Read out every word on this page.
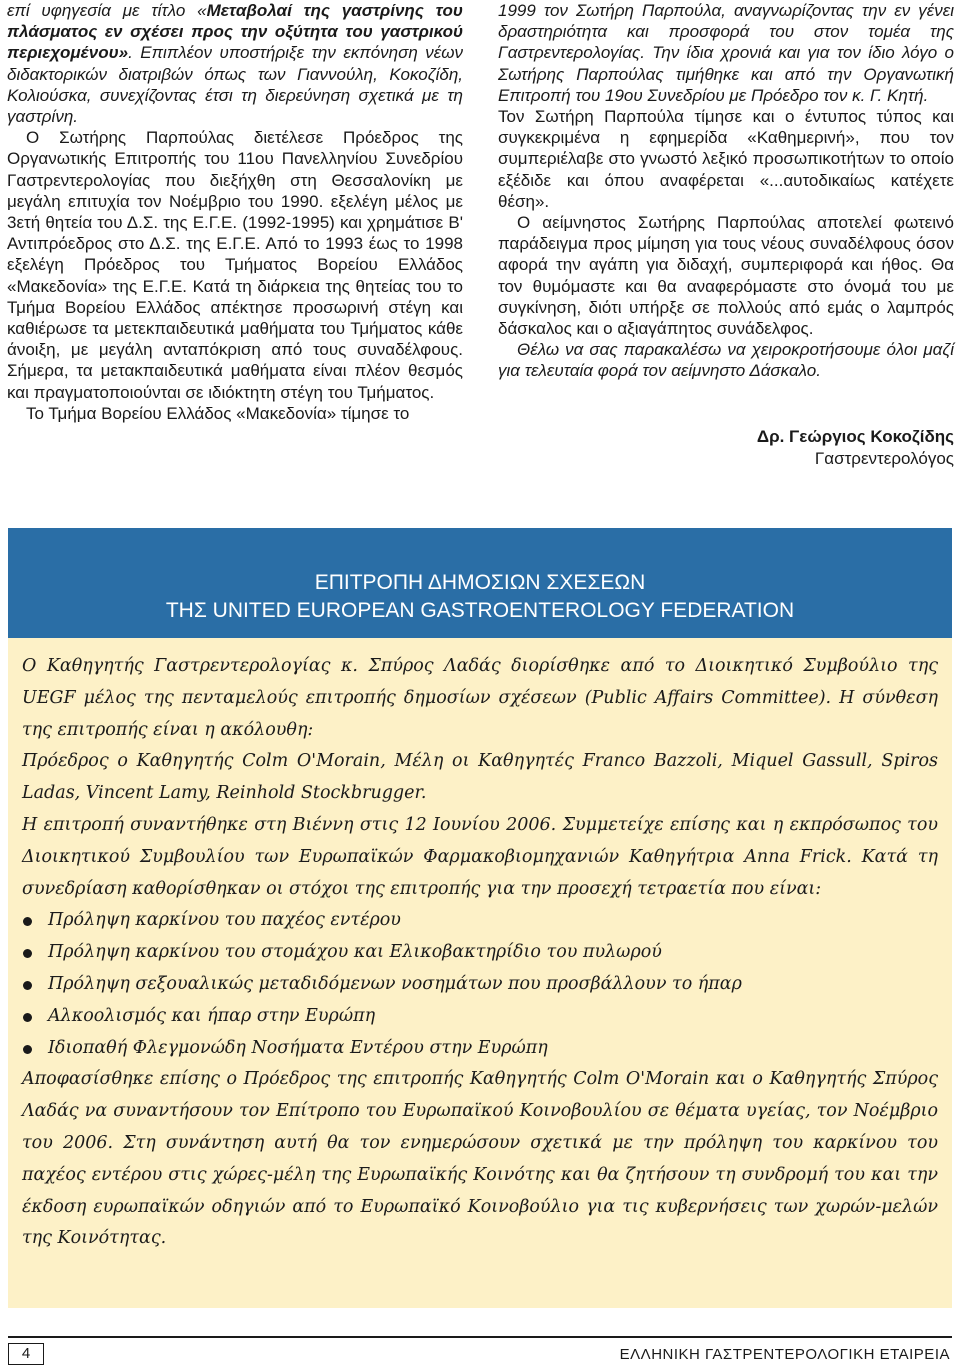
επί υφηγεσία με τίτλο «Μεταβολαί της γαστρίνης του πλάσματος εν σχέσει προς την οξύτητα του γαστρικού περιεχομένου». Επιπλέον υποστήριξε την εκπόνηση νέων διδακτορικών διατριβών όπως των Γιαννούλη, Κοκοζίδη, Κολιούσκα, συνεχίζοντας έτσι τη διερεύνηση σχετικά με τη γαστρίνη.

Ο Σωτήρης Παρπούλας διετέλεσε Πρόεδρος της Οργανωτικής Επιτροπής του 11ου Πανελληνίου Συνεδρίου Γαστρεντερολογίας που διεξήχθη στη Θεσσαλονίκη με μεγάλη επιτυχία τον Νοέμβριο του 1990. εξελέγη μέλος με 3ετή θητεία του Δ.Σ. της Ε.Γ.Ε. (1992-1995) και χρημάτισε Β' Αντιπρόεδρος στο Δ.Σ. της Ε.Γ.Ε. Από το 1993 έως το 1998 εξελέγη Πρόεδρος του Τμήματος Βορείου Ελλάδος «Μακεδονία» της Ε.Γ.Ε. Κατά τη διάρκεια της θητείας του το Τμήμα Βορείου Ελλάδος απέκτησε προσωρινή στέγη και καθιέρωσε τα μετεκπαιδευτικά μαθήματα του Τμήματος κάθε άνοιξη, με μεγάλη ανταπόκριση από τους συναδέλφους. Σήμερα, τα μετακπαιδευτικά μαθήματα είναι πλέον θεσμός και πραγματοποιούνται σε ιδιόκτητη στέγη του Τμήματος.

Το Τμήμα Βορείου Ελλάδος «Μακεδονία» τίμησε το

1999 τον Σωτήρη Παρπούλα, αναγνωρίζοντας την εν γένει δραστηριότητα και προσφορά του στον τομέα της Γαστρεντερολογίας. Την ίδια χρονιά και για τον ίδιο λόγο ο Σωτήρης Παρπούλας τιμήθηκε και από την Οργανωτική Επιτροπή του 19ου Συνεδρίου με Πρόεδρο τον κ. Γ. Κητή.

Τον Σωτήρη Παρπούλα τίμησε και ο έντυπος τύπος και συγκεκριμένα η εφημερίδα «Καθημερινή», που τον συμπεριέλαβε στο γνωστό λεξικό προσωπικοτήτων το οποίο εξέδιδε και όπου αναφέρεται «...αυτοδικαίως κατέχετε θέση».

Ο αείμνηστος Σωτήρης Παρπούλας αποτελεί φωτεινό παράδειγμα προς μίμηση για τους νέους συναδέλφους όσον αφορά την αγάπη για διδαχή, συμπεριφορά και ήθος. Θα τον θυμόμαστε και θα αναφερόμαστε στο όνομά του με συγκίνηση, διότι υπήρξε σε πολλούς από εμάς ο λαμπρός δάσκαλος και ο αξιαγάπητος συνάδελφος.

Θέλω να σας παρακαλέσω να χειροκροτήσουμε όλοι μαζί για τελευταία φορά τον αείμνηστο Δάσκαλο.

Δρ. Γεώργιος Κοκοζίδης
Γαστρεντερολόγος
ΕΠΙΤΡΟΠΗ ΔΗΜΟΣΙΩΝ ΣΧΕΣΕΩΝ
ΤΗΣ UNITED EUROPEAN GASTROENTEROLOGY FEDERATION

Ο Καθηγητής Γαστρεντερολογίας κ. Σπύρος Λαδάς διορίσθηκε από το Διοικητικό Συμβούλιο της UEGF μέλος της πενταμελούς επιτροπής δημοσίων σχέσεων (Public Affairs Committee). Η σύνθεση της επιτροπής είναι η ακόλουθη:

Πρόεδρος ο Καθηγητής Colm O'Morain, Μέλη οι Καθηγητές Franco Bazzoli, Miquel Gassull, Spiros Ladas, Vincent Lamy, Reinhold Stockbrugger.

Η επιτροπή συναντήθηκε στη Βιέννη στις 12 Ιουνίου 2006. Συμμετείχε επίσης και η εκπρόσωπος του Διοικητικού Συμβουλίου των Ευρωπαϊκών Φαρμακοβιομηχανιών Καθηγήτρια Anna Frick. Κατά τη συνεδρίαση καθορίσθηκαν οι στόχοι της επιτροπής για την προσεχή τετραετία που είναι:

Πρόληψη καρκίνου του παχέος εντέρου
Πρόληψη καρκίνου του στομάχου και Ελικοβακτηρίδιο του πυλωρού
Πρόληψη σεξουαλικώς μεταδιδόμενων νοσημάτων που προσβάλλουν το ήπαρ
Αλκοολισμός και ήπαρ στην Ευρώπη
Ιδιοπαθή Φλεγμονώδη Νοσήματα Εντέρου στην Ευρώπη

Αποφασίσθηκε επίσης ο Πρόεδρος της επιτροπής Καθηγητής Colm O'Morain και ο Καθηγητής Σπύρος Λαδάς να συναντήσουν τον Επίτροπο του Ευρωπαϊκού Κοινοβουλίου σε θέματα υγείας, τον Νοέμβριο του 2006. Στη συνάντηση αυτή θα τον ενημερώσουν σχετικά με την πρόληψη του καρκίνου του παχέος εντέρου στις χώρες-μέλη της Ευρωπαϊκής Κοινότης και θα ζητήσουν τη συνδρομή του και την έκδοση ευρωπαϊκών οδηγιών από το Ευρωπαϊκό Κοινοβούλιο για τις κυβερνήσεις των χωρών-μελών της Κοινότητας.

4	ΕΛΛΗΝΙΚΗ ΓΑΣΤΡΕΝΤΕΡΟΛΟΓΙΚΗ ΕΤΑΙΡΕΙΑ
